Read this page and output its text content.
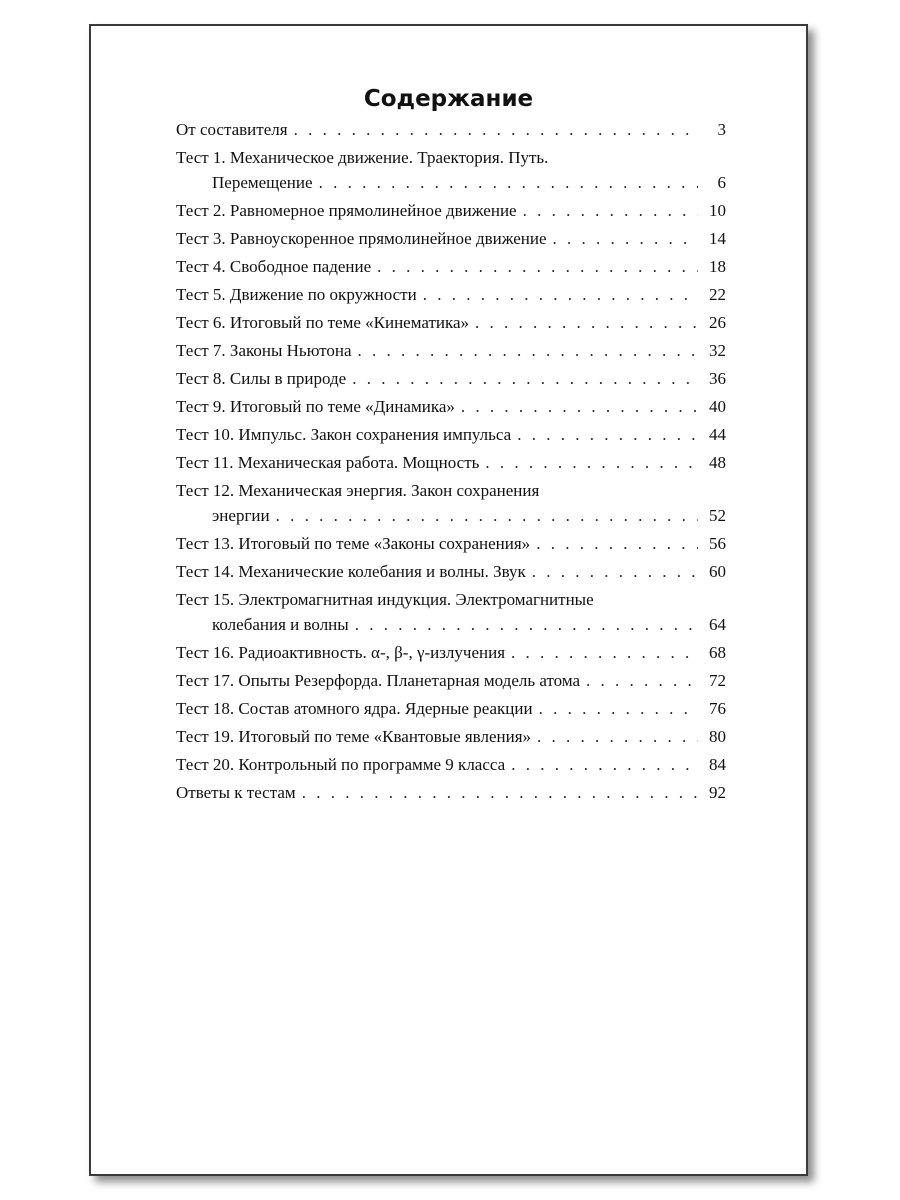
Содержание
От составителя . . .	3
Тест 1. Механическое движение. Траектория. Путь.
Перемещение . . .	6
Тест 2. Равномерное прямолинейное движение . . .	10
Тест 3. Равноускоренное прямолинейное движение . . .	14
Тест 4. Свободное падение . . .	18
Тест 5. Движение по окружности . . .	22
Тест 6. Итоговый по теме «Кинематика» . . .	26
Тест 7. Законы Ньютона . . .	32
Тест 8. Силы в природе . . .	36
Тест 9. Итоговый по теме «Динамика» . . .	40
Тест 10. Импульс. Закон сохранения импульса . . .	44
Тест 11. Механическая работа. Мощность . . .	48
Тест 12. Механическая энергия. Закон сохранения
энергии . . .	52
Тест 13. Итоговый по теме «Законы сохранения» . . .	56
Тест 14. Механические колебания и волны. Звук . . .	60
Тест 15. Электромагнитная индукция. Электромагнитные
колебания и волны . . .	64
Тест 16. Радиоактивность. α-, β-, γ-излучения . . .	68
Тест 17. Опыты Резерфорда. Планетарная модель атома . . .	72
Тест 18. Состав атомного ядра. Ядерные реакции . . .	76
Тест 19. Итоговый по теме «Квантовые явления» . . .	80
Тест 20. Контрольный по программе 9 класса . . .	84
Ответы к тестам . . .	92
